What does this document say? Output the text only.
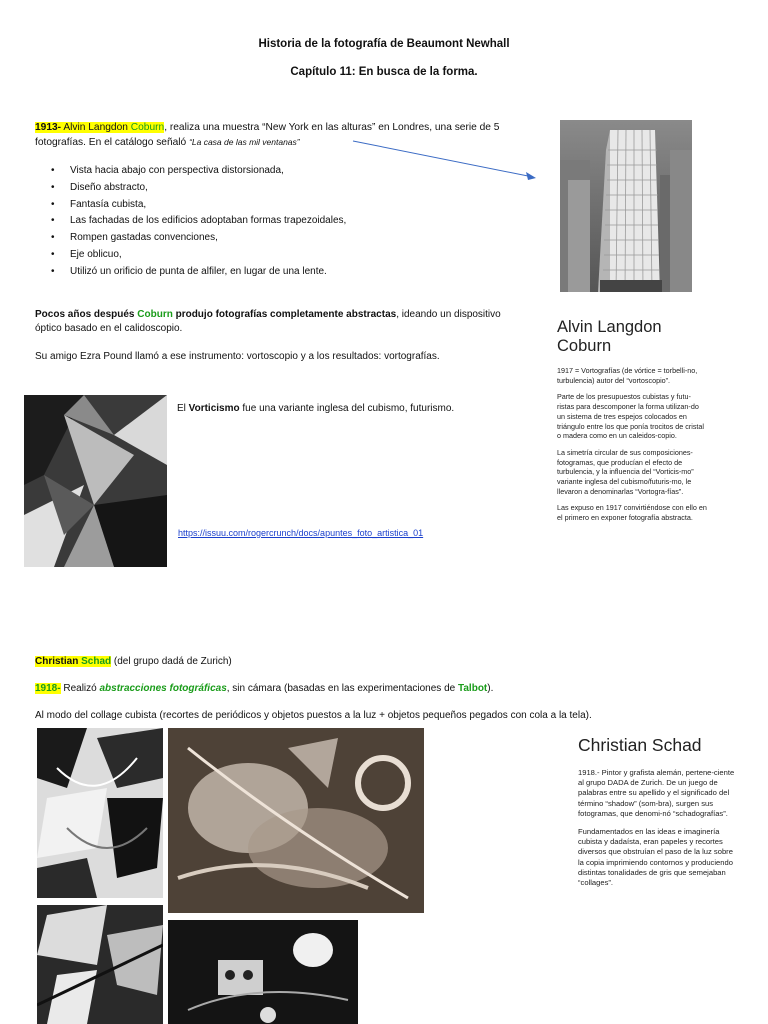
Historia de la fotografía de Beaumont Newhall
Capítulo 11: En busca de la forma.
1913- Alvin Langdon Coburn, realiza una muestra “New York en las alturas” en Londres, una serie de 5
fotografías. En el catálogo señaló “La casa de las mil ventanas”
• Vista hacia abajo con perspectiva distorsionada,
• Diseño abstracto,
• Fantasía cubista,
• Las fachadas de los edificios adoptaban formas trapezoidales,
• Rompen gastadas convenciones,
• Eje oblicuo,
• Utilizó un orificio de punta de alfiler, en lugar de una lente.
Pocos años después Coburn produjo fotografías completamente abstractas, ideando un dispositivo
óptico basado en el calidoscopio.
Su amigo Ezra Pound llamó a ese instrumento: vortoscopio y a los resultados: vortografías.
El Vorticismo fue una variante inglesa del cubismo, futurismo.
https://issuu.com/rogercrunch/docs/apuntes_foto_artistica_01
Alvin Langdon
Coburn

1917 = Vortografías (de vórtice = torbelli-no, turbulencia) autor del “vortoscopio”.

Parte de los presupuestos cubistas y futu-ristas para descomponer la forma utilizan-do un sistema de tres espejos colocados en triángulo entre los que ponía trocitos de cristal o madera como en un caleidos-copio.

La simetría circular de sus composiciones-fotogramas, que producían el efecto de turbulencia, y la influencia del “Vorticis-mo” variante inglesa del cubismo/futuris-mo, le llevaron a denominarlas “Vortogra-fías”.

Las expuso en 1917 convirtiéndose con ello en el primero en exponer fotografía abstracta.

Christian Schad (del grupo dadá de Zurich)
1918- Realizó abstracciones fotográficas, sin cámara (basadas en las experimentaciones de Talbot).
Al modo del collage cubista (recortes de periódicos y objetos puestos a la luz + objetos pequeños pegados con cola a la tela).
Christian Schad

1918.- Pintor y grafista alemán, pertene-ciente al grupo DADA de Zurich. De un juego de palabras entre su apellido y el significado del término “shadow” (som-bra), surgen sus fotogramas, que denomi-nó “schadografías”.

Fundamentados en las ideas e imaginería cubista y dadaísta, eran papeles y recortes diversos que obstruían el paso de la luz sobre la copia imprimiendo contornos y produciendo distintas tonalidades de gris que semejaban “collages”.
